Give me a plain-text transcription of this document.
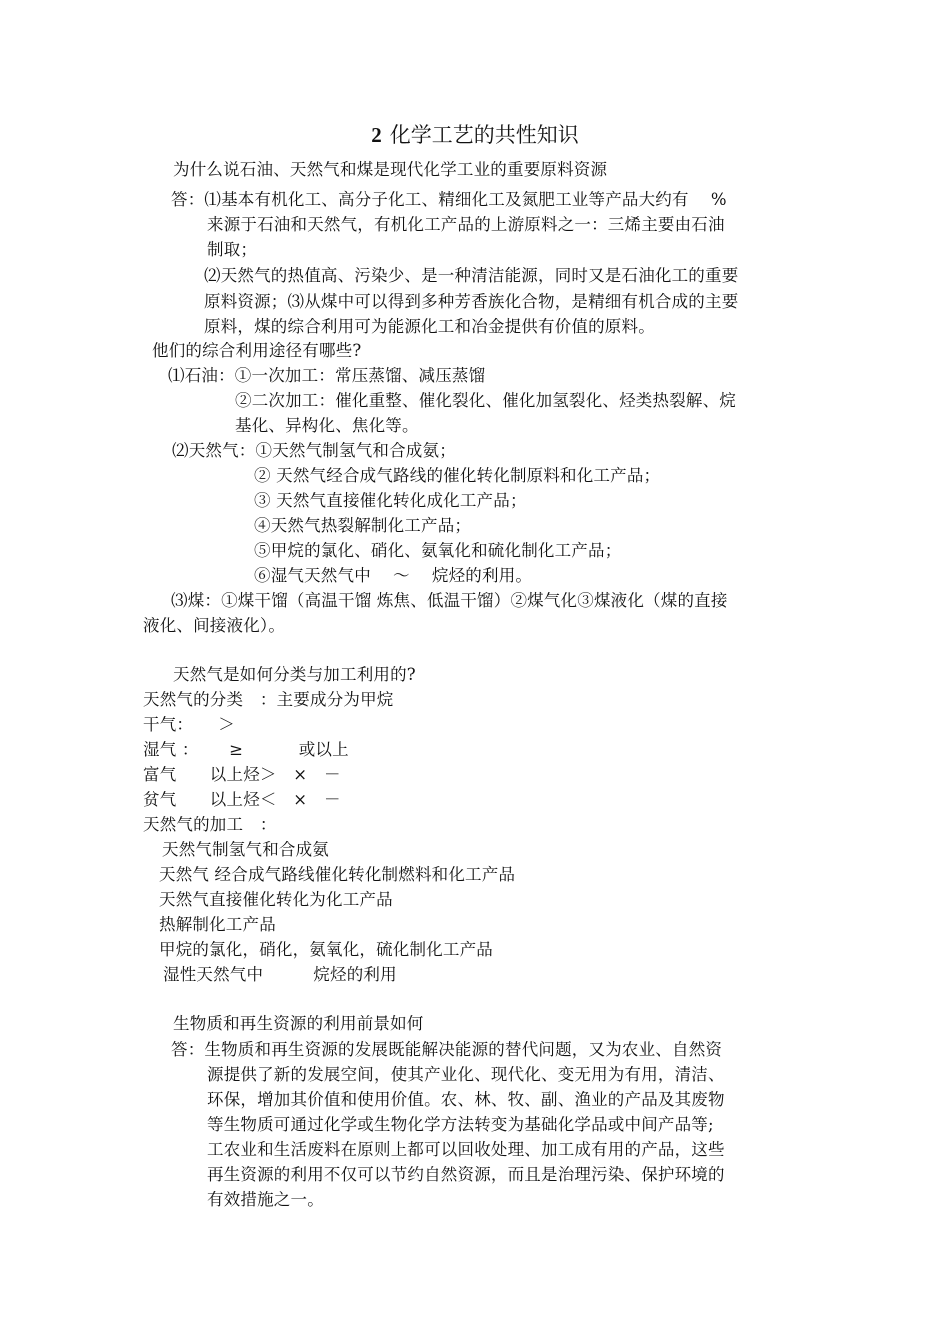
2 化学工艺的共性知识
为什么说石油、天然气和煤是现代化学工业的重要原料资源
答：⑴基本有机化工、高分子化工、精细化工及氮肥工业等产品大约有　 %
来源于石油和天然气，有机化工产品的上游原料之一：三烯主要由石油
制取；
⑵天然气的热值高、污染少、是一种清洁能源，同时又是石油化工的重要
原料资源；⑶从煤中可以得到多种芳香族化合物，是精细有机合成的主要
原料，煤的综合利用可为能源化工和冶金提供有价值的原料。
他们的综合利用途径有哪些?
⑴石油：①一次加工：常压蒸馏、减压蒸馏
②二次加工：催化重整、催化裂化、催化加氢裂化、烃类热裂解、烷
基化、异构化、焦化等。
⑵天然气：①天然气制氢气和合成氨；
② 天然气经合成气路线的催化转化制原料和化工产品；
③ 天然气直接催化转化成化工产品；
④天然气热裂解制化工产品；
⑤甲烷的氯化、硝化、氨氧化和硫化制化工产品；
⑥湿气天然气中　 ～　 烷烃的利用。
⑶煤：①煤干馏（高温干馏 炼焦、低温干馏）②煤气化③煤液化（煤的直接
液化、间接液化）。
天然气是如何分类与加工利用的?
天然气的分类　：主要成分为甲烷
干气：　　＞
湿气 ：　　 ≥　　　 或以上
富气　　以上烃＞　×　－
贫气　　以上烃＜　×　－
天然气的加工　：
天然气制氢气和合成氨
天然气 经合成气路线催化转化制燃料和化工产品
天然气直接催化转化为化工产品
热解制化工产品
甲烷的氯化，硝化，氨氧化，硫化制化工产品
湿性天然气中　　　烷烃的利用
生物质和再生资源的利用前景如何
答：生物质和再生资源的发展既能解决能源的替代问题，又为农业、自然资
源提供了新的发展空间，使其产业化、现代化、变无用为有用，清洁、
环保，增加其价值和使用价值。农、林、牧、副、渔业的产品及其废物
等生物质可通过化学或生物化学方法转变为基础化学品或中间产品等;
工农业和生活废料在原则上都可以回收处理、加工成有用的产品，这些
再生资源的利用不仅可以节约自然资源，而且是治理污染、保护环境的
有效措施之一。
